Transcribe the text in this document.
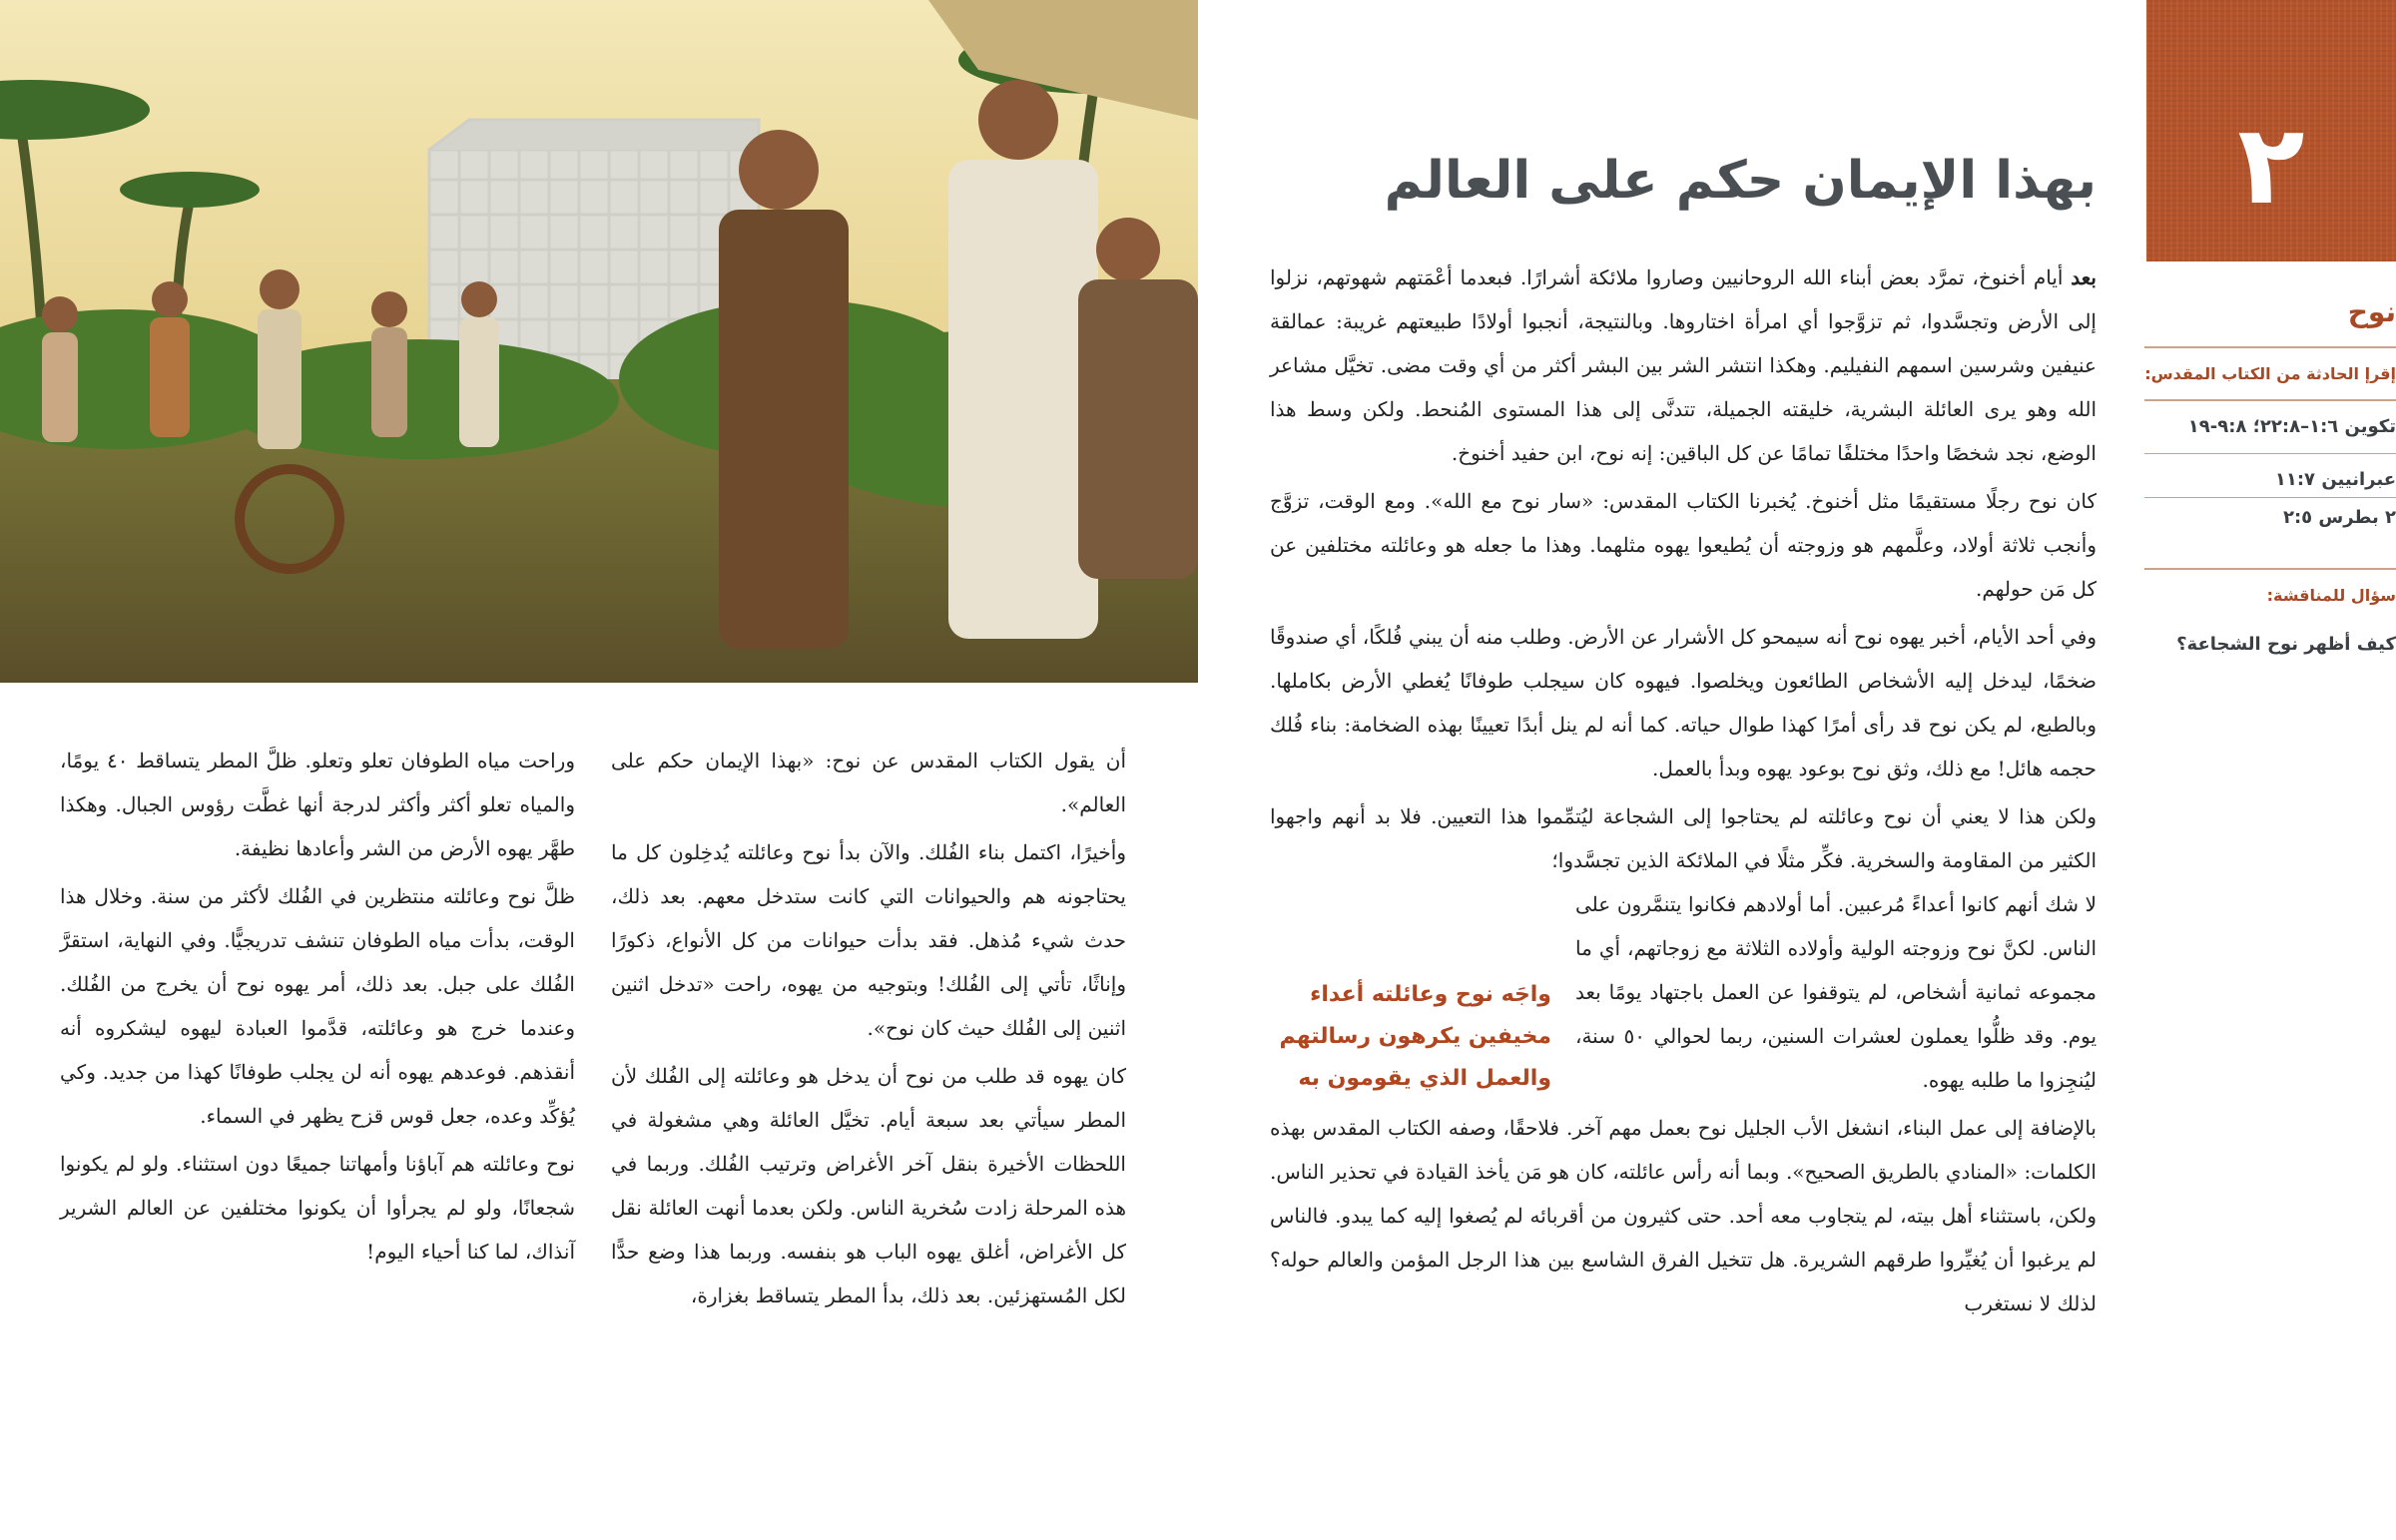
٢
بهذا الإيمان حكم على العالم
نوح
إقرإ الحادثة من الكتاب المقدس:
تكوين ١:٦–٢٢:٨؛ ٩:٨-١٩
عبرانيين ١١:٧
٢ بطرس ٢:٥
سؤال للمناقشة:
كيف أظهر نوح الشجاعة؟

بعد أيام أخنوخ، تمرَّد بعض أبناء الله الروحانيين وصاروا ملائكة أشرارًا. فبعدما أعْمَتهم شهوتهم، نزلوا إلى الأرض وتجسَّدوا، ثم تزوَّجوا أي امرأة اختاروها. وبالنتيجة، أنجبوا أولادًا طبيعتهم غريبة: عمالقة عنيفين وشرسين اسمهم النفيليم. وهكذا انتشر الشر بين البشر أكثر من أي وقت مضى. تخيَّل مشاعر الله وهو يرى العائلة البشرية، خليقته الجميلة، تتدنَّى إلى هذا المستوى المُنحط. ولكن وسط هذا الوضع، نجد شخصًا واحدًا مختلفًا تمامًا عن كل الباقين: إنه نوح، ابن حفيد أخنوخ.

كان نوح رجلًا مستقيمًا مثل أخنوخ. يُخبرنا الكتاب المقدس: «سار نوح مع الله». ومع الوقت، تزوَّج وأنجب ثلاثة أولاد، وعلَّمهم هو وزوجته أن يُطيعوا يهوه مثلهما. وهذا ما جعله هو وعائلته مختلفين عن كل مَن حولهم.

وفي أحد الأيام، أخبر يهوه نوح أنه سيمحو كل الأشرار عن الأرض. وطلب منه أن يبني فُلكًا، أي صندوقًا ضخمًا، ليدخل إليه الأشخاص الطائعون ويخلصوا. فيهوه كان سيجلب طوفانًا يُغطي الأرض بكاملها. وبالطبع، لم يكن نوح قد رأى أمرًا كهذا طوال حياته. كما أنه لم ينل أبدًا تعيينًا بهذه الضخامة: بناء فُلك حجمه هائل! مع ذلك، وثق نوح بوعود يهوه وبدأ بالعمل.

ولكن هذا لا يعني أن نوح وعائلته لم يحتاجوا إلى الشجاعة ليُتمِّموا هذا التعيين. فلا بد أنهم واجهوا الكثير من المقاومة والسخرية. فكِّر مثلًا في الملائكة الذين تجسَّدوا؛

واجَه نوح وعائلته أعداء مخيفين يكرهون رسالتهم والعمل الذي يقومون به

لا شك أنهم كانوا أعداءً مُرعبين. أما أولادهم فكانوا يتنمَّرون على الناس. لكنَّ نوح وزوجته الولية وأولاده الثلاثة مع زوجاتهم، أي ما مجموعه ثمانية أشخاص، لم يتوقفوا عن العمل باجتهاد يومًا بعد يوم. وقد ظلُّوا يعملون لعشرات السنين، ربما لحوالي ٥٠ سنة، ليُنجِزوا ما طلبه يهوه.

بالإضافة إلى عمل البناء، انشغل الأب الجليل نوح بعمل مهم آخر. فلاحقًا، وصفه الكتاب المقدس بهذه الكلمات: «المنادي بالطريق الصحيح». وبما أنه رأس عائلته، كان هو مَن يأخذ القيادة في تحذير الناس. ولكن، باستثناء أهل بيته، لم يتجاوب معه أحد. حتى كثيرون من أقربائه لم يُصغوا إليه كما يبدو. فالناس لم يرغبوا أن يُغيِّروا طرقهم الشريرة. هل تتخيل الفرق الشاسع بين هذا الرجل المؤمن والعالم حوله؟ لذلك لا نستغرب

أن يقول الكتاب المقدس عن نوح: «بهذا الإيمان حكم على العالم».

وأخيرًا، اكتمل بناء الفُلك. والآن بدأ نوح وعائلته يُدخِلون كل ما يحتاجونه هم والحيوانات التي كانت ستدخل معهم. بعد ذلك، حدث شيء مُذهل. فقد بدأت حيوانات من كل الأنواع، ذكورًا وإناثًا، تأتي إلى الفُلك! وبتوجيه من يهوه، راحت «تدخل اثنين اثنين إلى الفُلك حيث كان نوح».

كان يهوه قد طلب من نوح أن يدخل هو وعائلته إلى الفُلك لأن المطر سيأتي بعد سبعة أيام. تخيَّل العائلة وهي مشغولة في اللحظات الأخيرة بنقل آخر الأغراض وترتيب الفُلك. وربما في هذه المرحلة زادت سُخرية الناس. ولكن بعدما أنهت العائلة نقل كل الأغراض، أغلق يهوه الباب هو بنفسه. وربما هذا وضع حدًّا لكل المُستهزئين. بعد ذلك، بدأ المطر يتساقط بغزارة،

وراحت مياه الطوفان تعلو وتعلو. ظلَّ المطر يتساقط ٤٠ يومًا، والمياه تعلو أكثر وأكثر لدرجة أنها غطَّت رؤوس الجبال. وهكذا طهَّر يهوه الأرض من الشر وأعادها نظيفة.

ظلَّ نوح وعائلته منتظرين في الفُلك لأكثر من سنة. وخلال هذا الوقت، بدأت مياه الطوفان تنشف تدريجيًّا. وفي النهاية، استقرَّ الفُلك على جبل. بعد ذلك، أمر يهوه نوح أن يخرج من الفُلك. وعندما خرج هو وعائلته، قدَّموا العبادة ليهوه ليشكروه أنه أنقذهم. فوعدهم يهوه أنه لن يجلب طوفانًا كهذا من جديد. وكي يُؤكِّد وعده، جعل قوس قزح يظهر في السماء.

نوح وعائلته هم آباؤنا وأمهاتنا جميعًا دون استثناء. ولو لم يكونوا شجعانًا، ولو لم يجرأوا أن يكونوا مختلفين عن العالم الشرير آنذاك، لما كنا أحياء اليوم!
